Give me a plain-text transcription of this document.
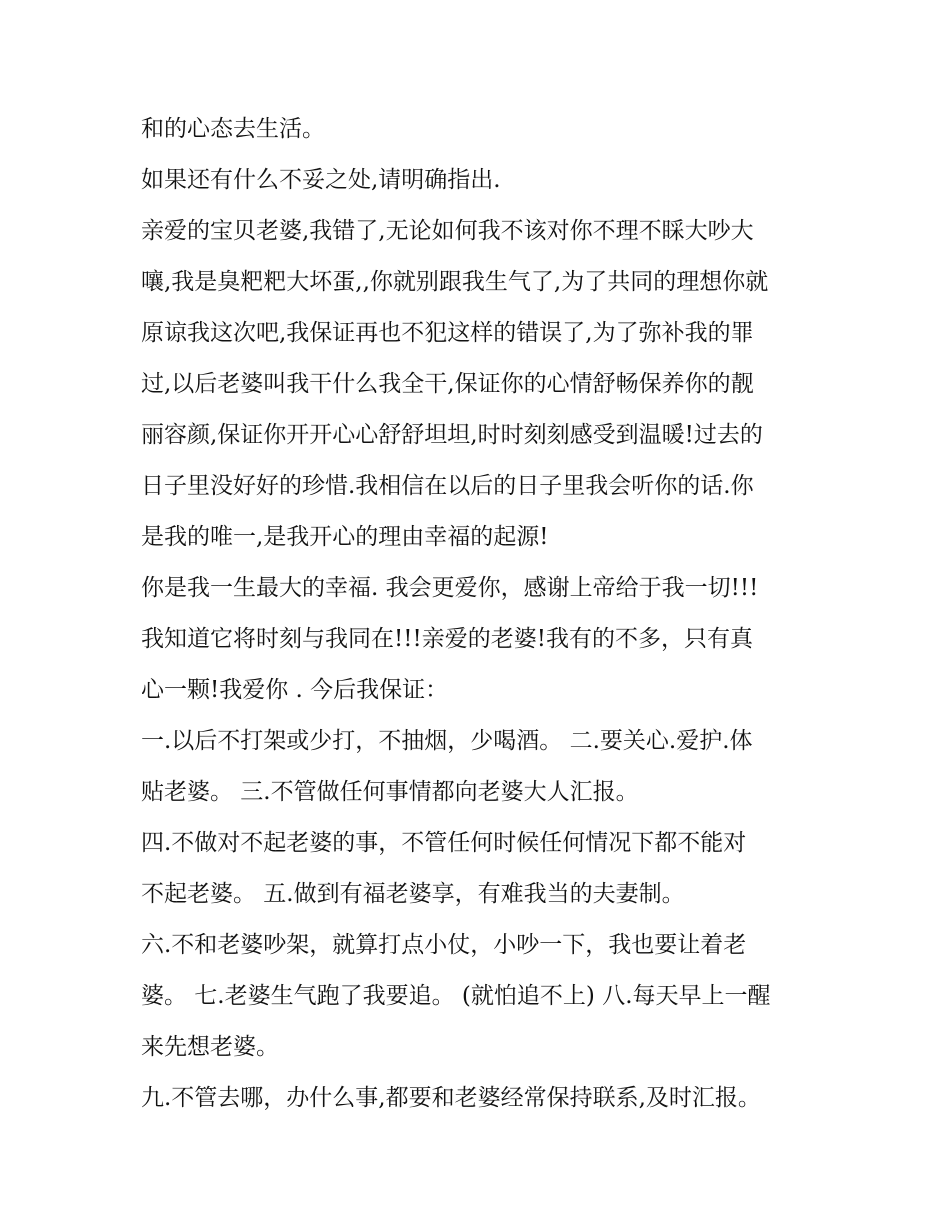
和的心态去生活。
如果还有什么不妥之处,请明确指出.
亲爱的宝贝老婆,我错了,无论如何我不该对你不理不睬大吵大
嚷,我是臭粑粑大坏蛋,,你就别跟我生气了,为了共同的理想你就
原谅我这次吧,我保证再也不犯这样的错误了,为了弥补我的罪
过,以后老婆叫我干什么我全干,保证你的心情舒畅保养你的靓
丽容颜,保证你开开心心舒舒坦坦,时时刻刻感受到温暖!过去的
日子里没好好的珍惜.我相信在以后的日子里我会听你的话.你
是我的唯一,是我开心的理由幸福的起源!
你是我一生最大的幸福. 我会更爱你，感谢上帝给于我一切!!!
我知道它将时刻与我同在!!!亲爱的老婆!我有的不多，只有真
心一颗!我爱你 . 今后我保证：
一.以后不打架或少打，不抽烟，少喝酒。 二.要关心.爱护.体
贴老婆。 三.不管做任何事情都向老婆大人汇报。
四.不做对不起老婆的事，不管任何时候任何情况下都不能对
不起老婆。 五.做到有福老婆享，有难我当的夫妻制。
六.不和老婆吵架，就算打点小仗，小吵一下，我也要让着老
婆。 七.老婆生气跑了我要追。 (就怕追不上) 八.每天早上一醒
来先想老婆。
九.不管去哪，办什么事,都要和老婆经常保持联系,及时汇报。
